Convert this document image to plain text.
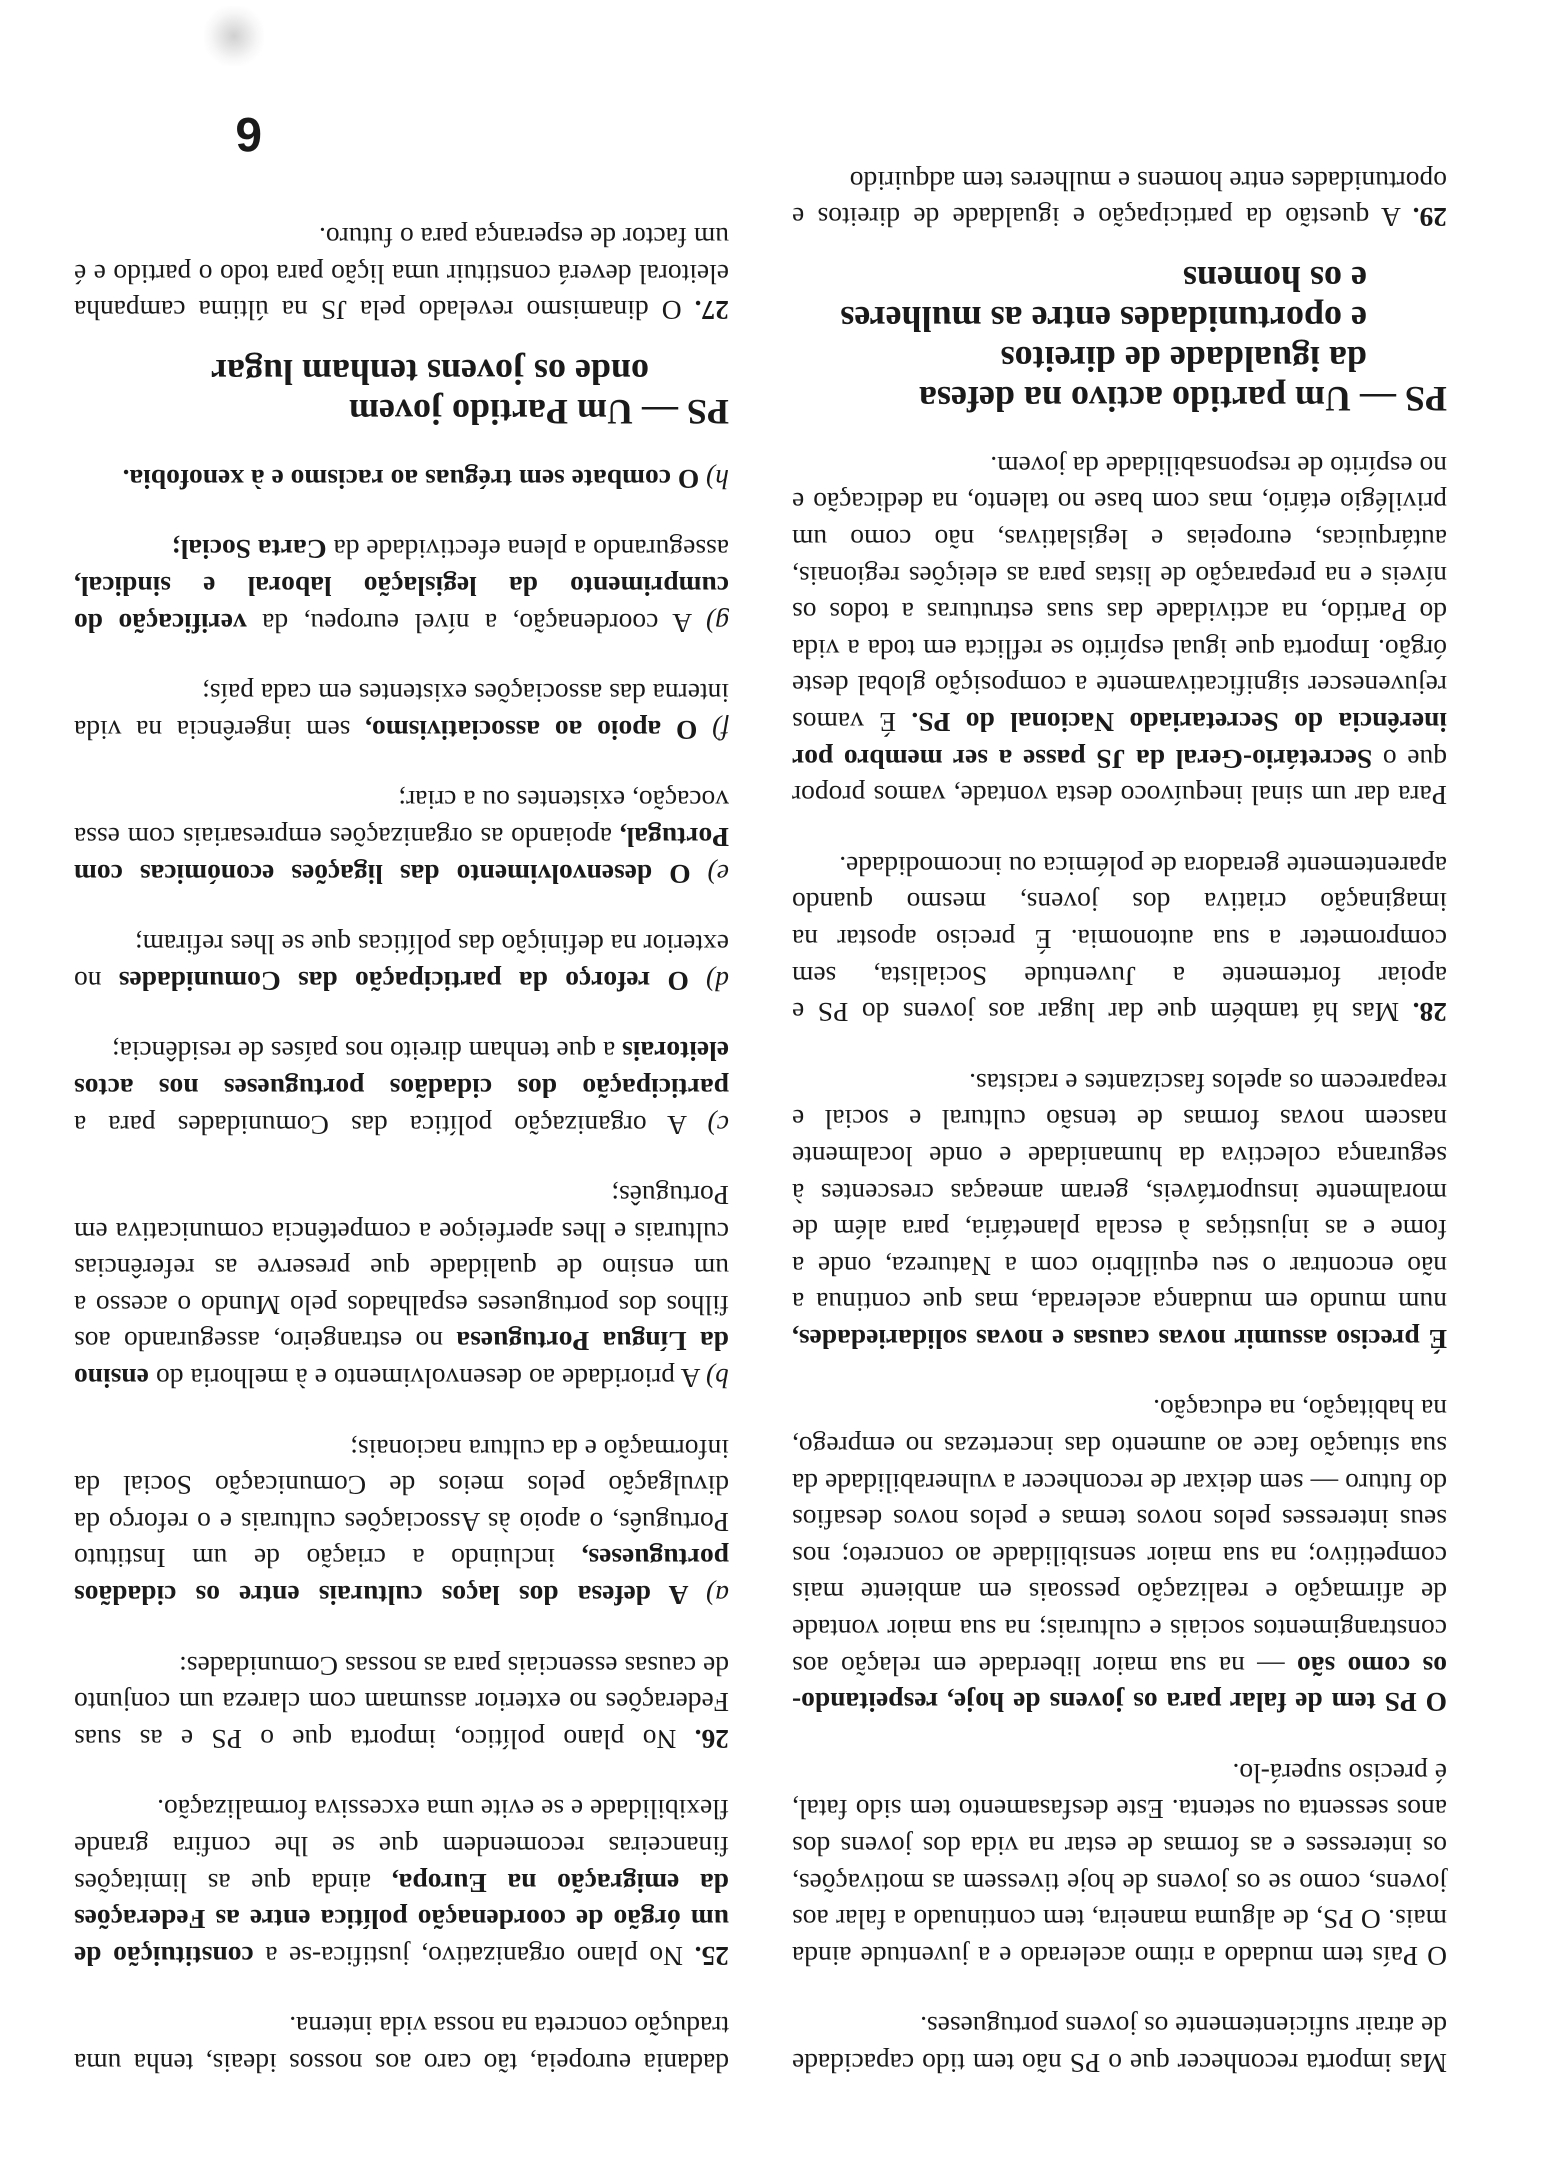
Mas importa reconhecer que o PS não tem tido capacidade de atrair suficientemente os jovens portugueses.

O País tem mudado a ritmo acelerado e a juventude ainda mais. O PS, de alguma maneira, tem continuado a falar aos jovens, como se os jovens de hoje tivessem as motivações, os interesses e as formas de estar na vida dos jovens dos anos sessenta ou setenta. Este desfasamento tem sido fatal, é preciso superá-lo.

O PS tem de falar para os jovens de hoje, respeitando-os como são — na sua maior liberdade em relação aos constrangimentos sociais e culturais; na sua maior vontade de afirmação e realização pessoais em ambiente mais competitivo; na sua maior sensibilidade ao concreto; nos seus interesses pelos novos temas e pelos novos desafios do futuro — sem deixar de reconhecer a vulnerabilidade da sua situação face ao aumento das incertezas no emprego, na habitação, na educação.

É preciso assumir novas causas e novas solidariedades, num mundo em mudança acelerada, mas que continua a não encontrar o seu equilíbrio com a Natureza, onde a fome e as injustiças à escala planetária, para além de moralmente insuportáveis, geram ameaças crescentes à segurança colectiva da humanidade e onde localmente nascem novas formas de tensão cultural e social e reaparecem os apelos fascizantes e racistas.

28. Mas há também que dar lugar aos jovens do PS e apoiar fortemente a Juventude Socialista, sem comprometer a sua autonomia. É preciso apostar na imaginação criativa dos jovens, mesmo quando aparentemente geradora de polémica ou incomodidade.

Para dar um sinal inequívoco desta vontade, vamos propor que o Secretário-Geral da JS passe a ser membro por inerência do Secretariado Nacional do PS. É vamos rejuvenescer significativamente a composição global deste órgão. Importa que igual espírito se reflicta em toda a vida do Partido, na actividade das suas estruturas a todos os níveis e na preparação de listas para as eleições regionais, autárquicas, europeias e legislativas, não como um privilégio etário, mas com base no talento, na dedicação e no espírito de responsabilidade da jovem.

PS — Um partido activo na defesa
da igualdade de direitos
e oportunidades entre as mulheres
e os homens

29. A questão da participação e igualdade de direitos e oportunidades entre homens e mulheres tem adquirido

dadania europeia, tão caro aos nossos ideais, tenha uma tradução concreta na nossa vida interna.

25. No plano organizativo, justifica-se a constituição de um órgão de coordenação política entre as Federações da emigração na Europa, ainda que as limitações financeiras recomendem que se lhe confira grande flexibilidade e se evite uma excessiva formalização.

26. No plano político, importa que o PS e as suas Federações no exterior assumam com clareza um conjunto de causas essenciais para as nossas Comunidades:

a) A defesa dos laços culturais entre os cidadãos portugueses, incluindo a criação de um Instituto Português, o apoio às Associações culturais e o reforço da divulgação pelos meios de Comunicação Social da informação e da cultura nacionais;

b) A prioridade ao desenvolvimento e à melhoria do ensino da Língua Portuguesa no estrangeiro, assegurando aos filhos dos portugueses espalhados pelo Mundo o acesso a um ensino de qualidade que preserve as referências culturais e lhes aperfeiçoe a competência comunicativa em Português;

c) A organização política das Comunidades para a participação dos cidadãos portugueses nos actos eleitorais a que tenham direito nos países de residência;

d) O reforço da participação das Comunidades no exterior na definição das políticas que se lhes refiram;

e) O desenvolvimento das ligações económicas com Portugal, apoiando as organizações empresariais com essa vocação, existentes ou a criar;

f) O apoio ao associativismo, sem ingerência na vida interna das associações existentes em cada país;

g) A coordenação, a nível europeu, da verificação do cumprimento da legislação laboral e sindical, assegurando a plena efectividade da Carta Social;

h) O combate sem tréguas ao racismo e à xenofobia.

PS — Um Partido jovem
onde os jovens tenham lugar

27. O dinamismo revelado pela JS na última campanha eleitoral deverá constituir uma lição para todo o partido e é um factor de esperança para o futuro.

6
